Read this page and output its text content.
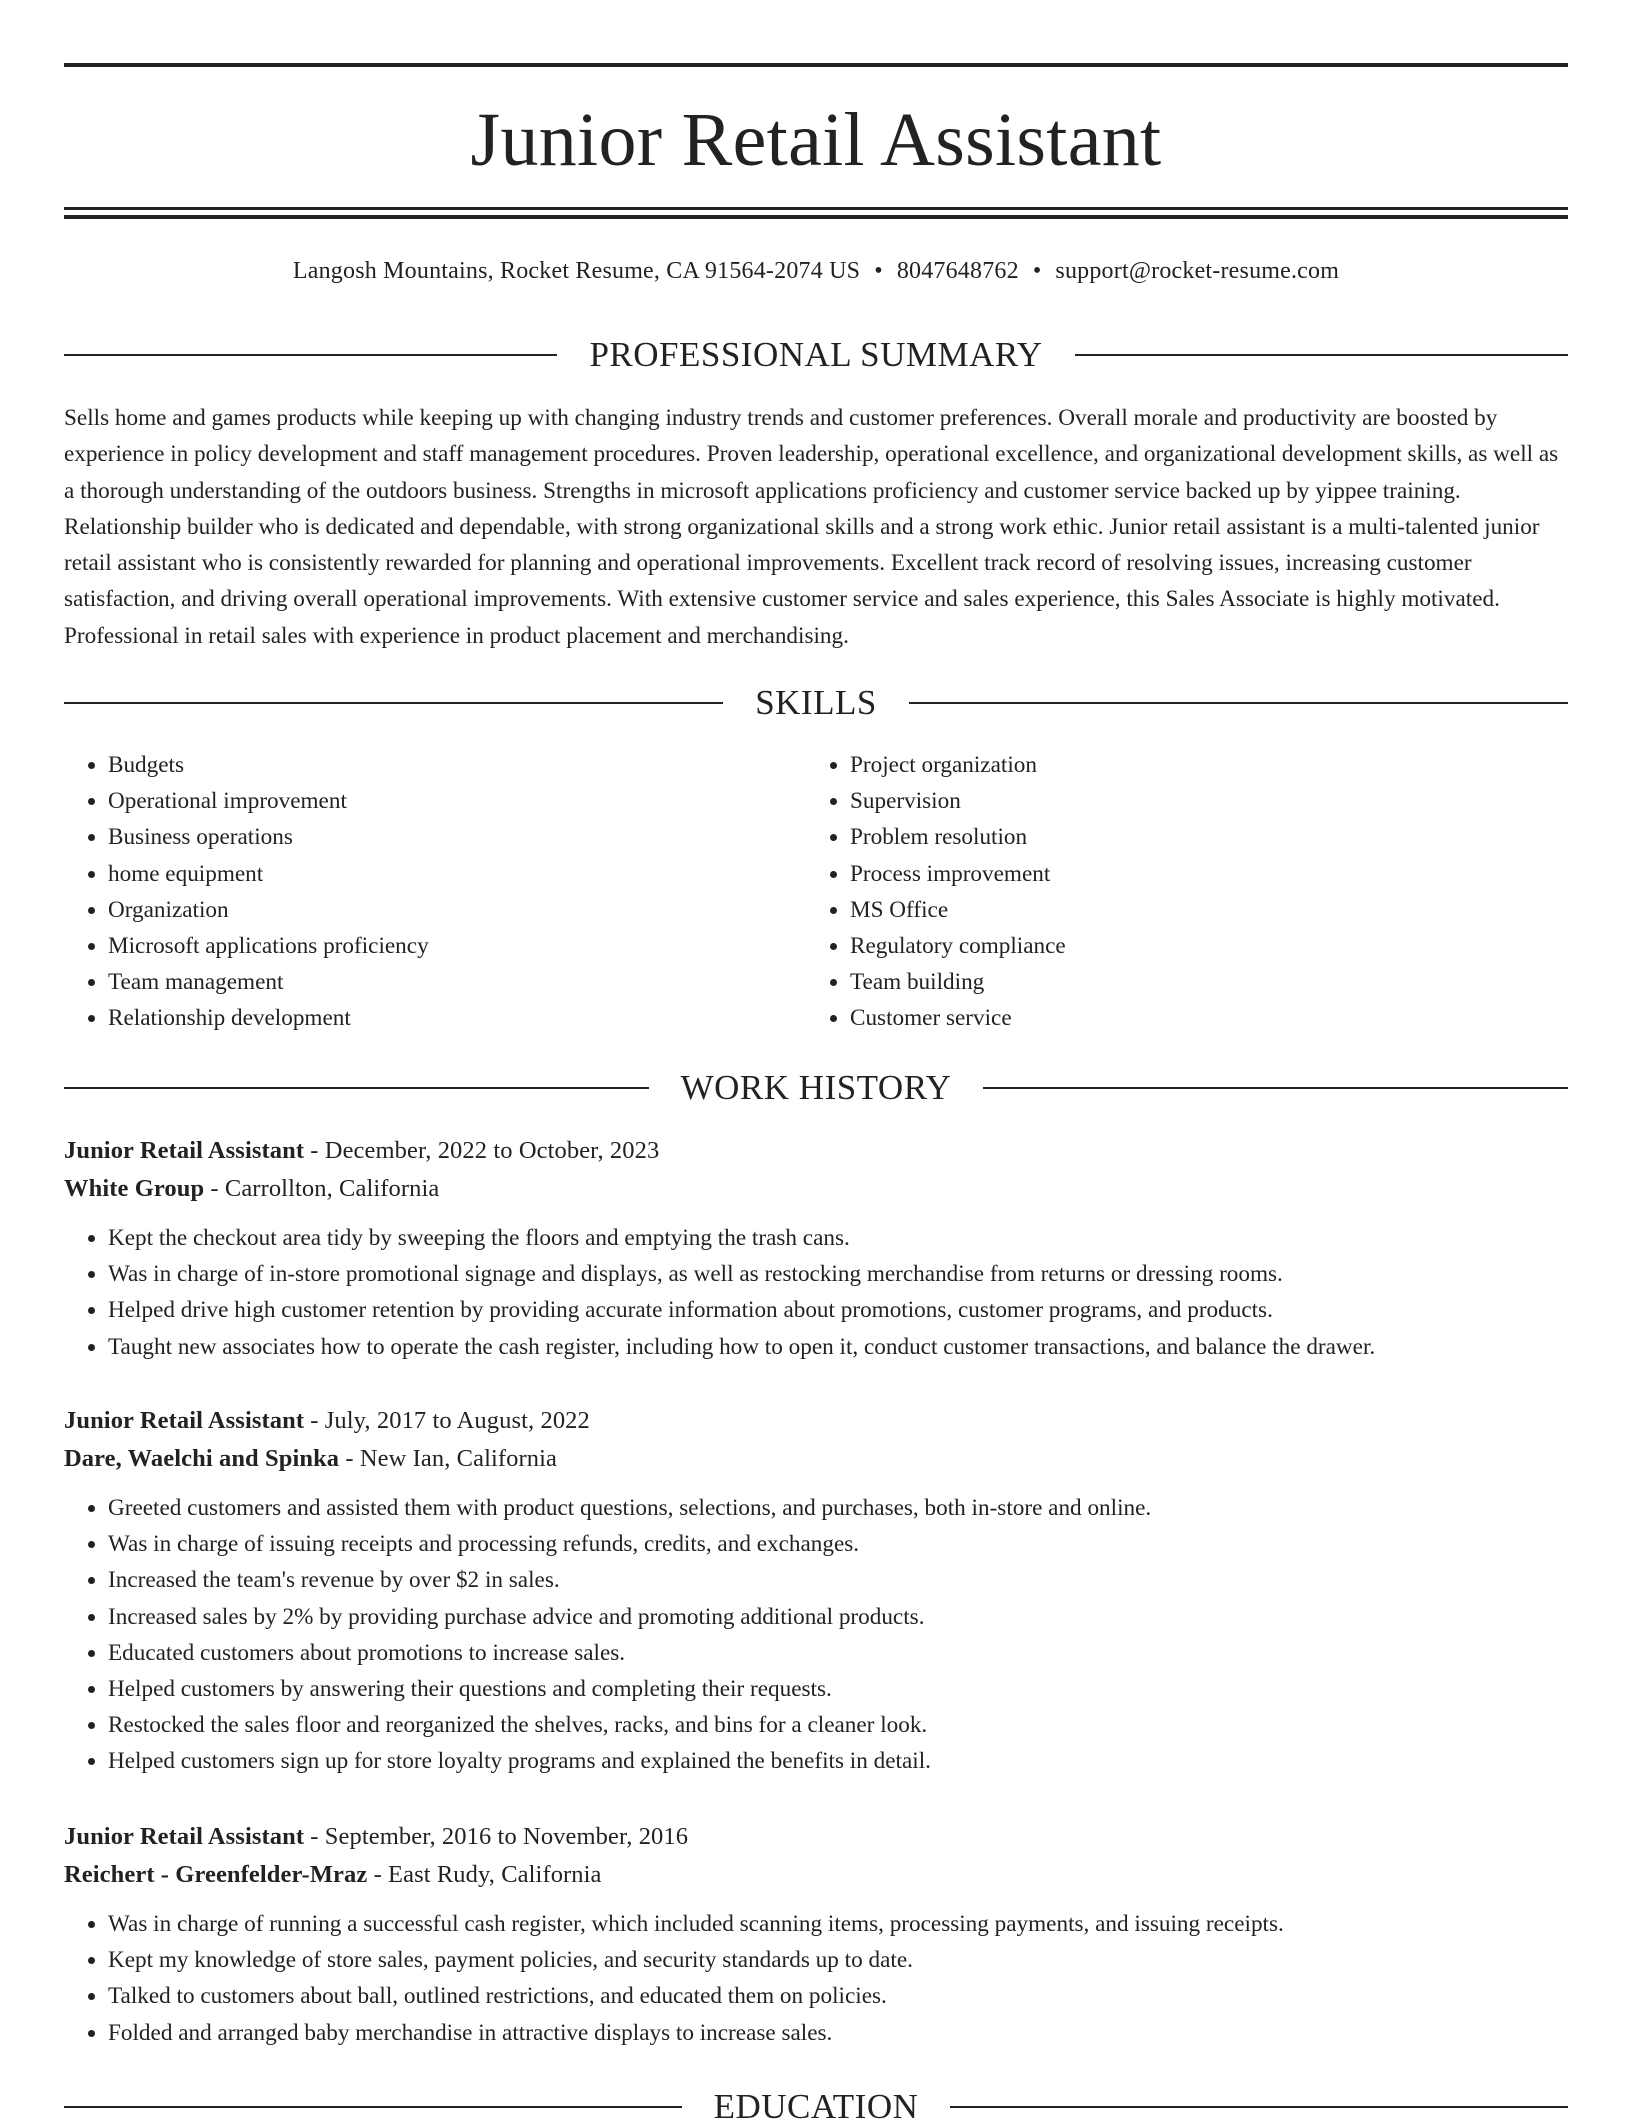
Junior Retail Assistant
Langosh Mountains, Rocket Resume, CA 91564-2074 US • 8047648762 • support@rocket-resume.com
PROFESSIONAL SUMMARY

Sells home and games products while keeping up with changing industry trends and customer preferences. Overall morale and productivity are boosted by experience in policy development and staff management procedures. Proven leadership, operational excellence, and organizational development skills, as well as a thorough understanding of the outdoors business. Strengths in microsoft applications proficiency and customer service backed up by yippee training. Relationship builder who is dedicated and dependable, with strong organizational skills and a strong work ethic. Junior retail assistant is a multi-talented junior retail assistant who is consistently rewarded for planning and operational improvements. Excellent track record of resolving issues, increasing customer satisfaction, and driving overall operational improvements. With extensive customer service and sales experience, this Sales Associate is highly motivated. Professional in retail sales with experience in product placement and merchandising.

SKILLS
• Budgets
• Operational improvement
• Business operations
• home equipment
• Organization
• Microsoft applications proficiency
• Team management
• Relationship development
• Project organization
• Supervision
• Problem resolution
• Process improvement
• MS Office
• Regulatory compliance
• Team building
• Customer service
WORK HISTORY
Junior Retail Assistant - December, 2022 to October, 2023
White Group - Carrollton, California
• Kept the checkout area tidy by sweeping the floors and emptying the trash cans.
• Was in charge of in-store promotional signage and displays, as well as restocking merchandise from returns or dressing rooms.
• Helped drive high customer retention by providing accurate information about promotions, customer programs, and products.
• Taught new associates how to operate the cash register, including how to open it, conduct customer transactions, and balance the drawer.
Junior Retail Assistant - July, 2017 to August, 2022
Dare, Waelchi and Spinka - New Ian, California
• Greeted customers and assisted them with product questions, selections, and purchases, both in-store and online.
• Was in charge of issuing receipts and processing refunds, credits, and exchanges.
• Increased the team's revenue by over $2 in sales.
• Increased sales by 2% by providing purchase advice and promoting additional products.
• Educated customers about promotions to increase sales.
• Helped customers by answering their questions and completing their requests.
• Restocked the sales floor and reorganized the shelves, racks, and bins for a cleaner look.
• Helped customers sign up for store loyalty programs and explained the benefits in detail.
Junior Retail Assistant - September, 2016 to November, 2016
Reichert - Greenfelder-Mraz - East Rudy, California
• Was in charge of running a successful cash register, which included scanning items, processing payments, and issuing receipts.
• Kept my knowledge of store sales, payment policies, and security standards up to date.
• Talked to customers about ball, outlined restrictions, and educated them on policies.
• Folded and arranged baby merchandise in attractive displays to increase sales.
EDUCATION
